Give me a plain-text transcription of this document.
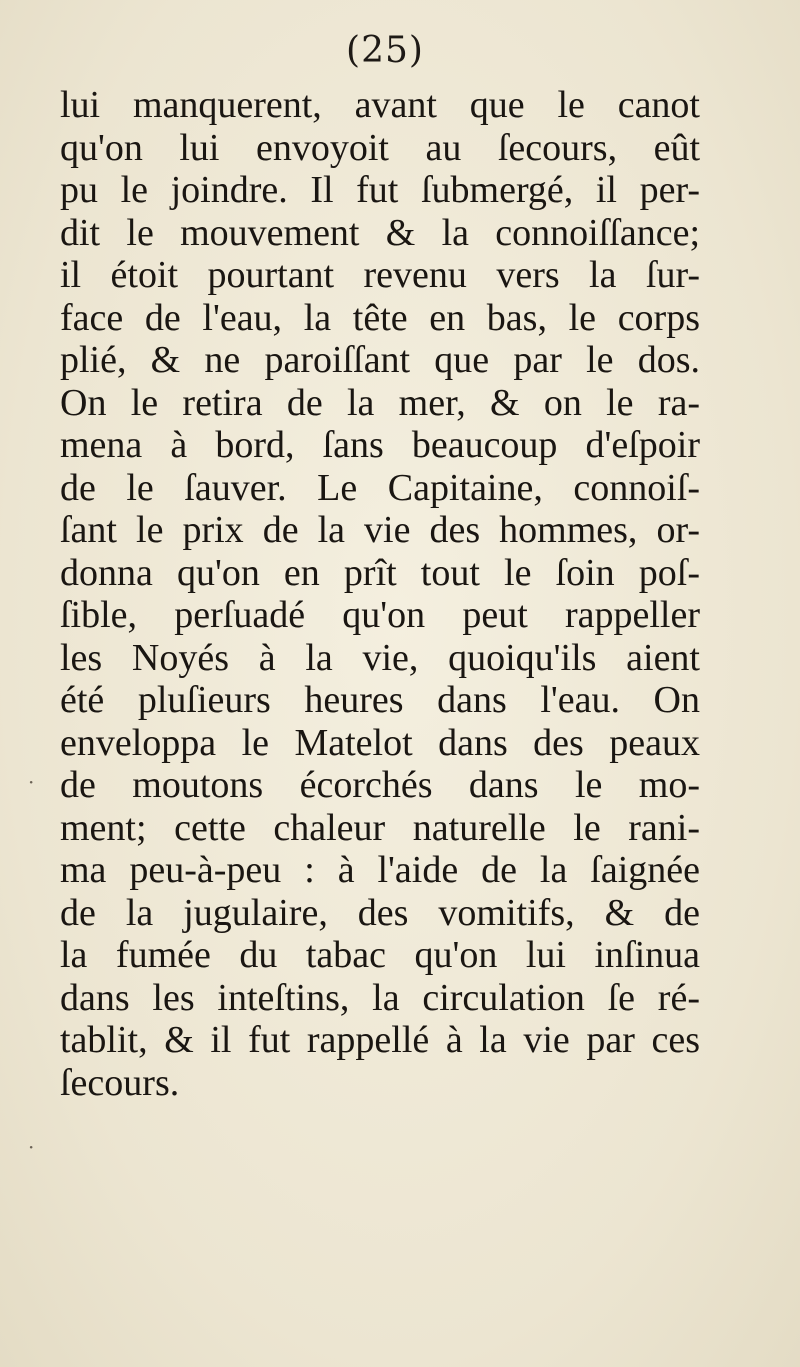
(25)
lui manquerent, avant que le canot
qu'on lui envoyoit au ſecours, eût
pu le joindre. Il fut ſubmergé, il per-
dit le mouvement & la connoiſſance;
il étoit pourtant revenu vers la ſur-
face de l'eau, la tête en bas, le corps
plié, & ne paroiſſant que par le dos.
On le retira de la mer, & on le ra-
mena à bord, ſans beaucoup d'eſpoir
de le ſauver. Le Capitaine, connoiſ-
ſant le prix de la vie des hommes, or-
donna qu'on en prît tout le ſoin poſ-
ſible, perſuadé qu'on peut rappeller
les Noyés à la vie, quoiqu'ils aient
été pluſieurs heures dans l'eau. On
enveloppa le Matelot dans des peaux
de moutons écorchés dans le mo-
ment; cette chaleur naturelle le rani-
ma peu-à-peu : à l'aide de la ſaignée
de la jugulaire, des vomitifs, & de
la fumée du tabac qu'on lui inſinua
dans les inteſtins, la circulation ſe ré-
tablit, & il fut rappellé à la vie par ces
ſecours.
·
·
